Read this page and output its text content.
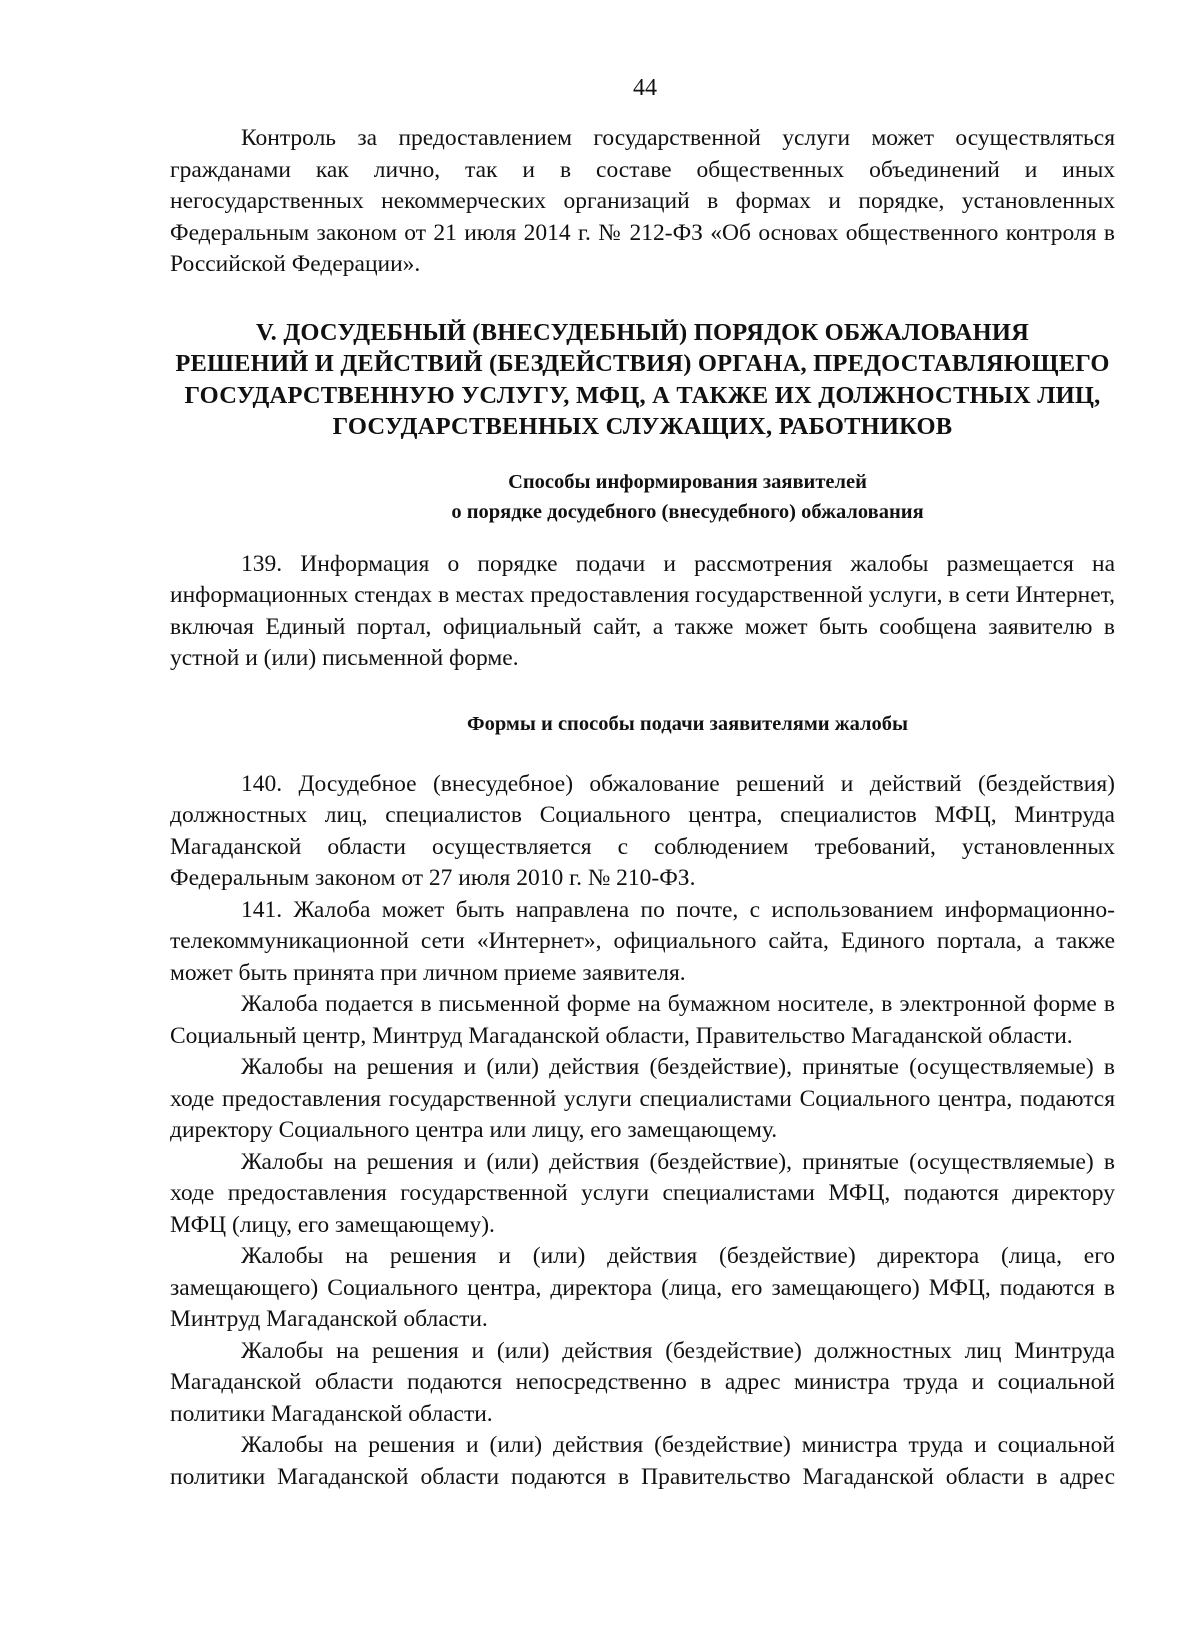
44

Контроль за предоставлением государственной услуги может осуществляться гражданами как лично, так и в составе общественных объединений и иных негосударственных некоммерческих организаций в формах и порядке, установленных Федеральным законом от 21 июля 2014 г. № 212-ФЗ «Об основах общественного контроля в Российской Федерации».

V. ДОСУДЕБНЫЙ (ВНЕСУДЕБНЫЙ) ПОРЯДОК ОБЖАЛОВАНИЯ
РЕШЕНИЙ И ДЕЙСТВИЙ (БЕЗДЕЙСТВИЯ) ОРГАНА, ПРЕДОСТАВЛЯЮЩЕГО
ГОСУДАРСТВЕННУЮ УСЛУГУ, МФЦ, А ТАКЖЕ ИХ ДОЛЖНОСТНЫХ ЛИЦ,
ГОСУДАРСТВЕННЫХ СЛУЖАЩИХ, РАБОТНИКОВ
Способы информирования заявителей
о порядке досудебного (внесудебного) обжалования

139. Информация о порядке подачи и рассмотрения жалобы размещается на информационных стендах в местах предоставления государственной услуги, в сети Интернет, включая Единый портал, официальный сайт, а также может быть сообщена заявителю в устной и (или) письменной форме.

Формы и способы подачи заявителями жалобы

140. Досудебное (внесудебное) обжалование решений и действий (бездействия) должностных лиц, специалистов Социального центра, специалистов МФЦ, Минтруда Магаданской области осуществляется с соблюдением требований, установленных Федеральным законом от 27 июля 2010 г. № 210-ФЗ.

141. Жалоба может быть направлена по почте, с использованием информационно-телекоммуникационной сети «Интернет», официального сайта, Единого портала, а также может быть принята при личном приеме заявителя.

Жалоба подается в письменной форме на бумажном носителе, в электронной форме в Социальный центр, Минтруд Магаданской области, Правительство Магаданской области.

Жалобы на решения и (или) действия (бездействие), принятые (осуществляемые) в ходе предоставления государственной услуги специалистами Социального центра, подаются директору Социального центра или лицу, его замещающему.

Жалобы на решения и (или) действия (бездействие), принятые (осуществляемые) в ходе предоставления государственной услуги специалистами МФЦ, подаются директору МФЦ (лицу, его замещающему).

Жалобы на решения и (или) действия (бездействие) директора (лица, его замещающего) Социального центра, директора (лица, его замещающего) МФЦ, подаются в Минтруд Магаданской области.

Жалобы на решения и (или) действия (бездействие) должностных лиц Минтруда Магаданской области подаются непосредственно в адрес министра труда и социальной политики Магаданской области.

Жалобы на решения и (или) действия (бездействие) министра труда и социальной политики Магаданской области подаются в Правительство Магаданской области в адрес
